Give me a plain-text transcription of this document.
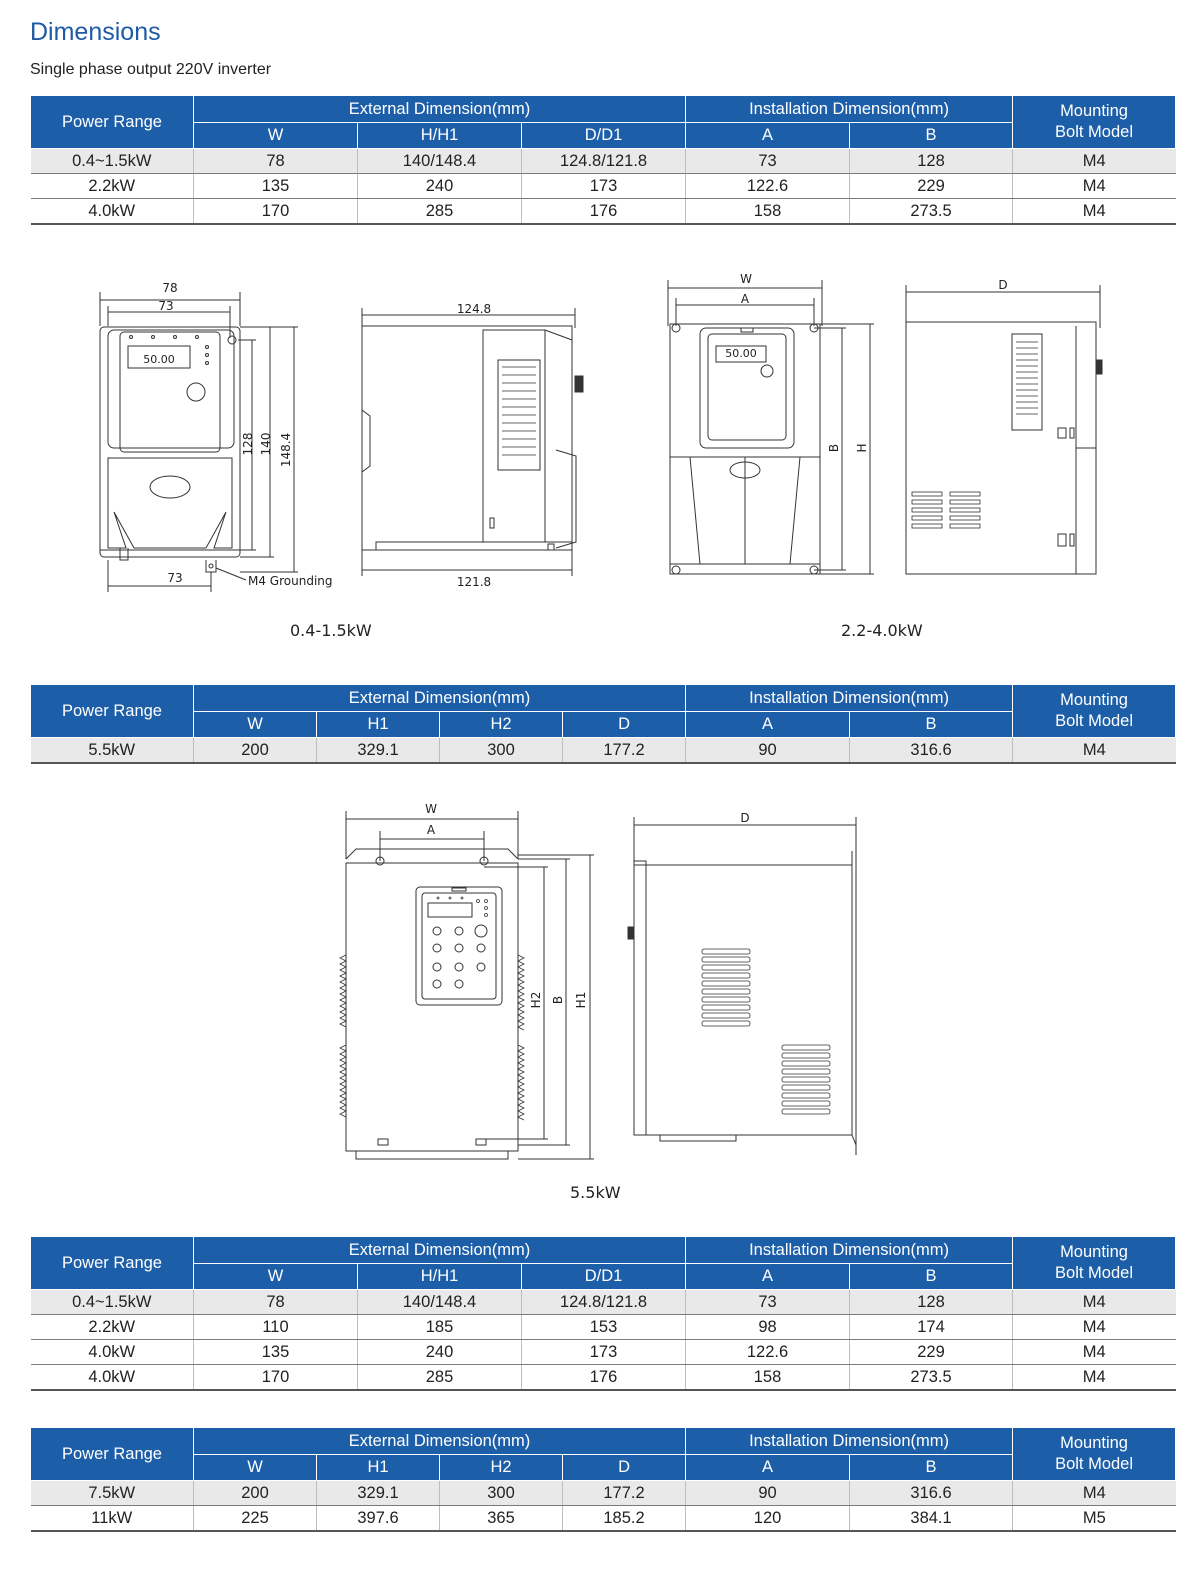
Dimensions
Single phase output 220V inverter
Power Range	External Dimension(mm)			Installation Dimension(mm)		Mounting
Bolt Model
	W	H/H1	D/D1	A	B	
0.4~1.5kW	78	140/148.4	124.8/121.8	73	128	M4
2.2kW	135	240	173	122.6	229	M4
4.0kW	170	285	176	158	273.5	M4
78
73
50.00
128 140 148.4
73	M4 Grounding
124.8
121.8
W
A
50.00
B H
D
0.4-1.5kW	2.2-4.0kW
Power Range	External Dimension(mm)				Installation Dimension(mm)		Mounting
Bolt Model
	W	H1	H2	D	A	B	
5.5kW	200	329.1	300	177.2	90	316.6	M4
W
A
H2 B H1
D
5.5kW
Power Range	External Dimension(mm)			Installation Dimension(mm)		Mounting
Bolt Model
	W	H/H1	D/D1	A	B	
0.4~1.5kW	78	140/148.4	124.8/121.8	73	128	M4
2.2kW	110	185	153	98	174	M4
4.0kW	135	240	173	122.6	229	M4
4.0kW	170	285	176	158	273.5	M4
Power Range	External Dimension(mm)				Installation Dimension(mm)		Mounting
Bolt Model
	W	H1	H2	D	A	B	
7.5kW	200	329.1	300	177.2	90	316.6	M4
11kW	225	397.6	365	185.2	120	384.1	M5
